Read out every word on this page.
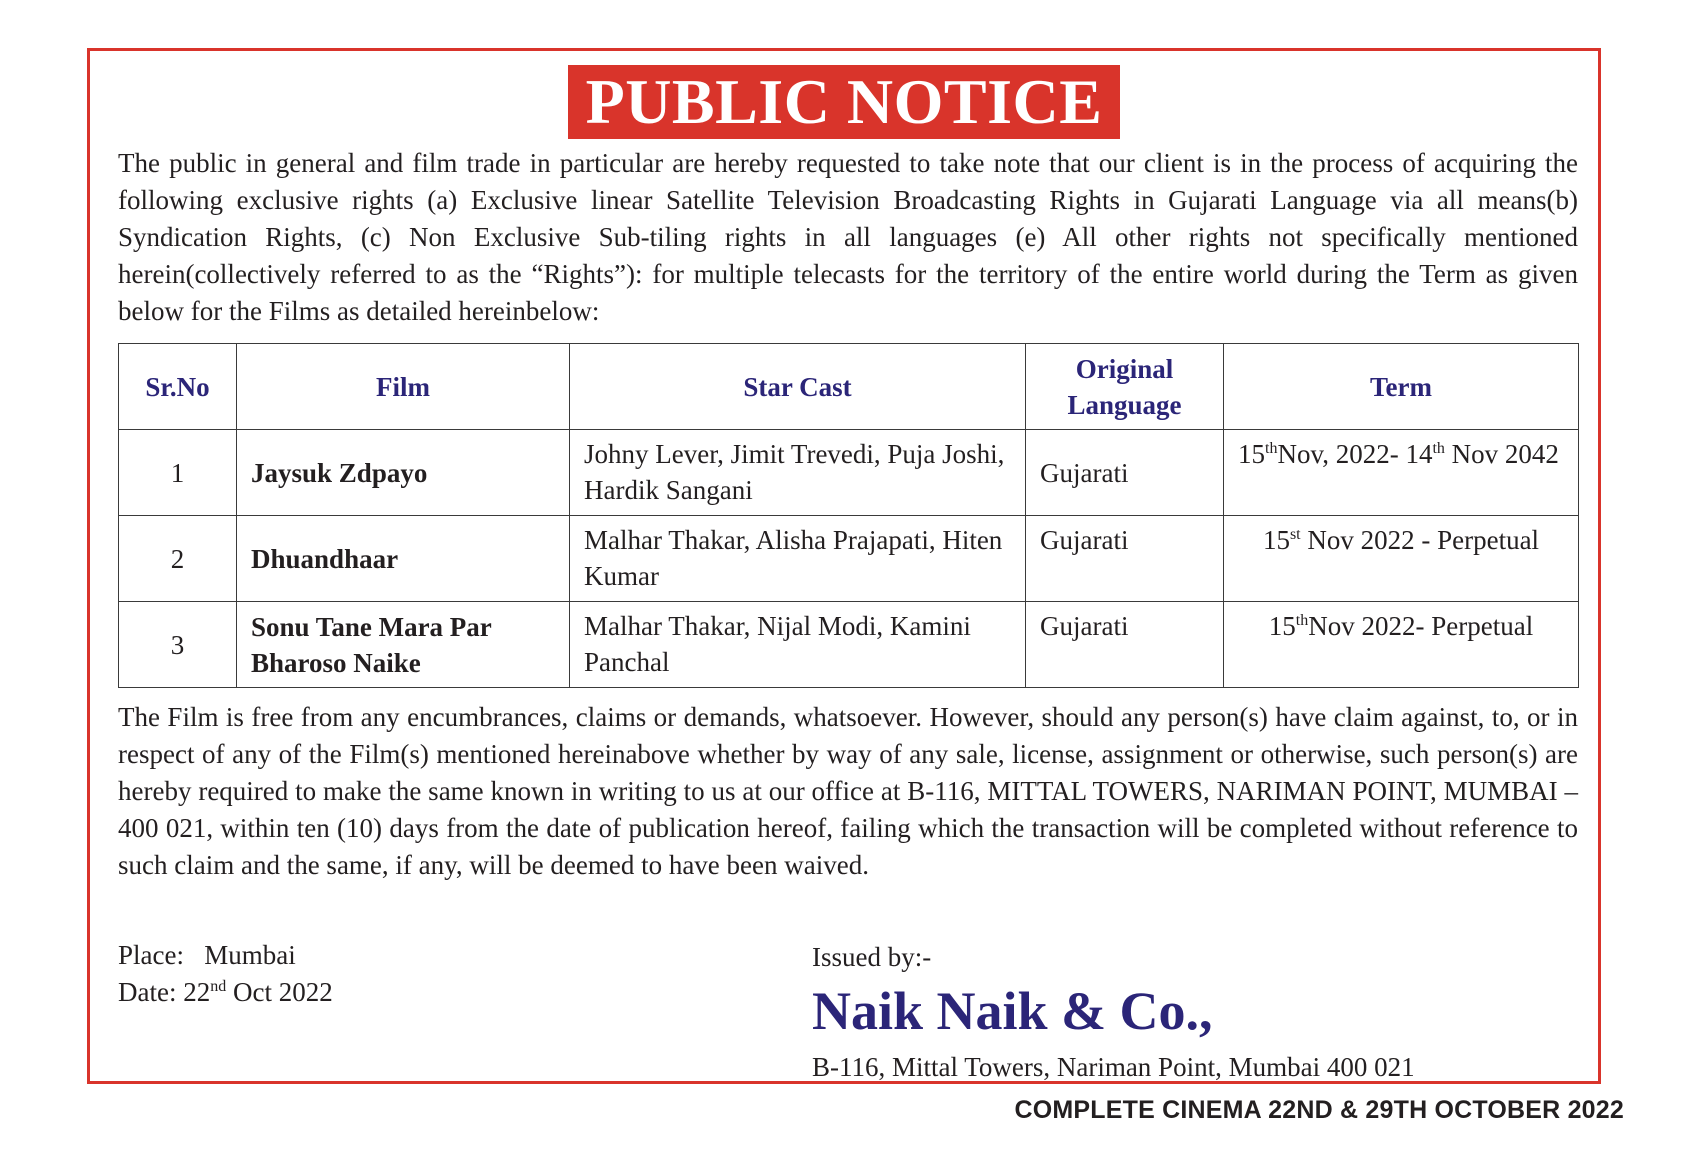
PUBLIC NOTICE
The public in general and film trade in particular are hereby requested to take note that our client is in the process of acquiring the following exclusive rights (a) Exclusive linear Satellite Television Broadcasting Rights in Gujarati Language via all means(b) Syndication Rights, (c) Non Exclusive Sub-tiling rights in all languages (e) All other rights not specifically mentioned herein(collectively referred to as the “Rights”): for multiple telecasts for the territory of the entire world during the Term as given below for the Films as detailed hereinbelow:
Sr.No	Film	Star Cast	Original Language	Term
1	Jaysuk Zdpayo	Johny Lever, Jimit Trevedi, Puja Joshi, Hardik Sangani	Gujarati	15thNov, 2022- 14th Nov 2042
2	Dhuandhaar	Malhar Thakar, Alisha Prajapati, Hiten Kumar	Gujarati	15st Nov 2022 - Perpetual
3	Sonu Tane Mara Par Bharoso Naike	Malhar Thakar, Nijal Modi, Kamini Panchal	Gujarati	15thNov 2022- Perpetual
The Film is free from any encumbrances, claims or demands, whatsoever. However, should any person(s) have claim against, to, or in respect of any of the Film(s) mentioned hereinabove whether by way of any sale, license, assignment or otherwise, such person(s) are hereby required to make the same known in writing to us at our office at B-116, MITTAL TOWERS, NARIMAN POINT, MUMBAI – 400 021, within ten (10) days from the date of publication hereof, failing which the transaction will be completed without reference to such claim and the same, if any, will be deemed to have been waived.
Place: Mumbai
Date: 22nd Oct 2022
Issued by:-
Naik Naik & Co.,
B-116, Mittal Towers, Nariman Point, Mumbai 400 021
COMPLETE CINEMA 22ND & 29TH OCTOBER 2022
